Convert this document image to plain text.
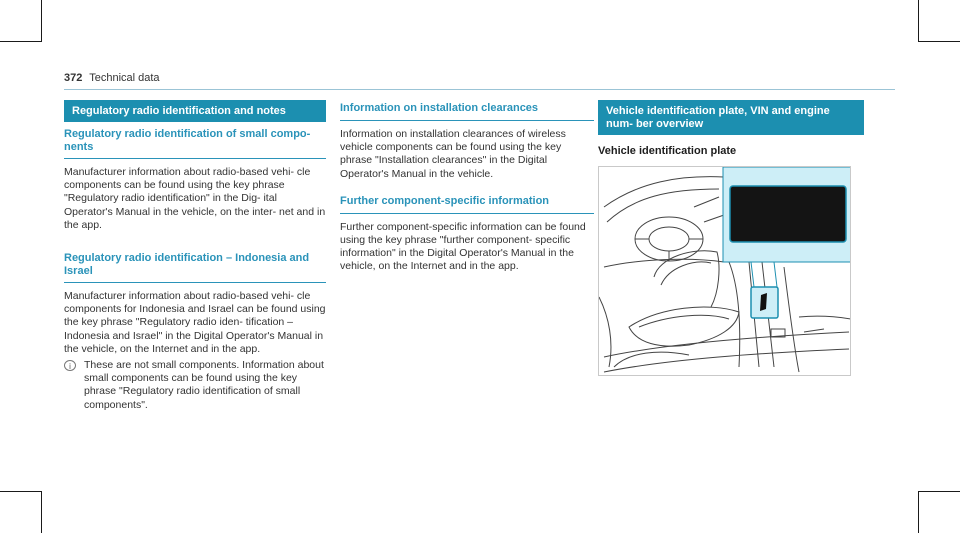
372 Technical data
Regulatory radio identification and notes
Regulatory radio identification of small compo- nents

Manufacturer information about radio-based vehi- cle components can be found using the key phrase "Regulatory radio identification" in the Dig- ital Operator's Manual in the vehicle, on the inter- net and in the app.

Regulatory radio identification – Indonesia and Israel

Manufacturer information about radio-based vehi- cle components for Indonesia and Israel can be found using the key phrase "Regulatory radio iden- tification – Indonesia and Israel" in the Digital Operator's Manual in the vehicle, on the Internet and in the app.

i	These are not small components. Information about small components can be found using the key phrase "Regulatory radio identification of small components".
Information on installation clearances

Information on installation clearances of wireless vehicle components can be found using the key phrase "Installation clearances" in the Digital Operator's Manual in the vehicle.

Further component-specific information

Further component-specific information can be found using the key phrase "further component- specific information" in the Digital Operator's Manual in the vehicle, on the Internet and in the app.

Vehicle identification plate, VIN and engine num- ber overview
Vehicle identification plate
